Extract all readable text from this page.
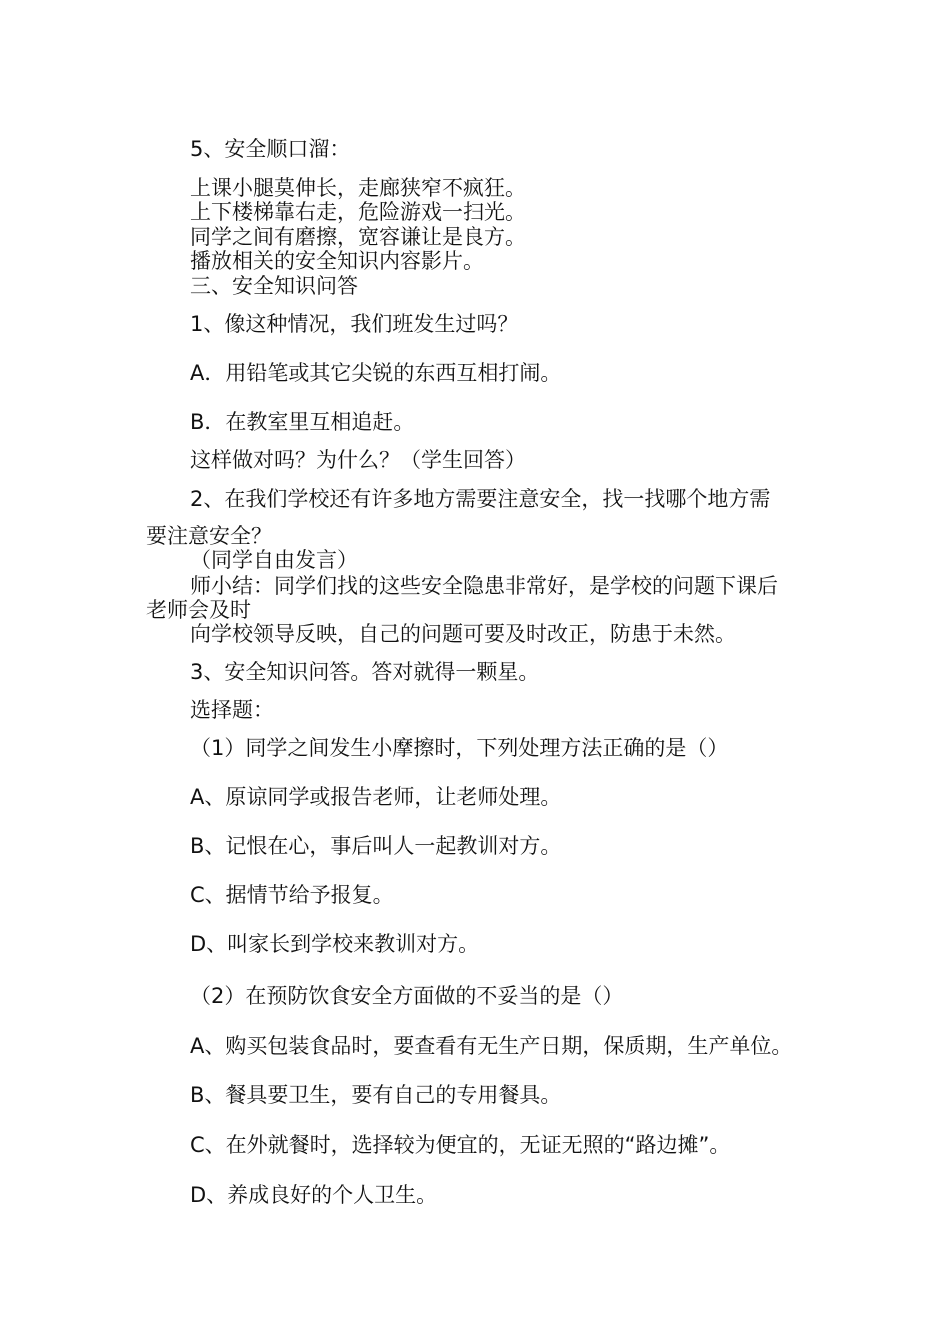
5、安全顺口溜：

上课小腿莫伸长，走廊狭窄不疯狂。

上下楼梯靠右走，危险游戏一扫光。

同学之间有磨擦，宽容谦让是良方。

播放相关的安全知识内容影片。

三、安全知识问答

1、像这种情况，我们班发生过吗？

A．用铅笔或其它尖锐的东西互相打闹。

B．在教室里互相追赶。

这样做对吗？为什么？（学生回答）

2、在我们学校还有许多地方需要注意安全，找一找哪个地方需

要注意安全？

（同学自由发言）

师小结：同学们找的这些安全隐患非常好，是学校的问题下课后

老师会及时

向学校领导反映，自己的问题可要及时改正，防患于未然。

3、安全知识问答。答对就得一颗星。

选择题：

（1）同学之间发生小摩擦时，下列处理方法正确的是（）

A、原谅同学或报告老师，让老师处理。

B、记恨在心，事后叫人一起教训对方。

C、据情节给予报复。

D、叫家长到学校来教训对方。

（2）在预防饮食安全方面做的不妥当的是（）

A、购买包装食品时，要查看有无生产日期，保质期，生产单位。

B、餐具要卫生，要有自己的专用餐具。

C、在外就餐时，选择较为便宜的，无证无照的“路边摊”。

D、养成良好的个人卫生。
